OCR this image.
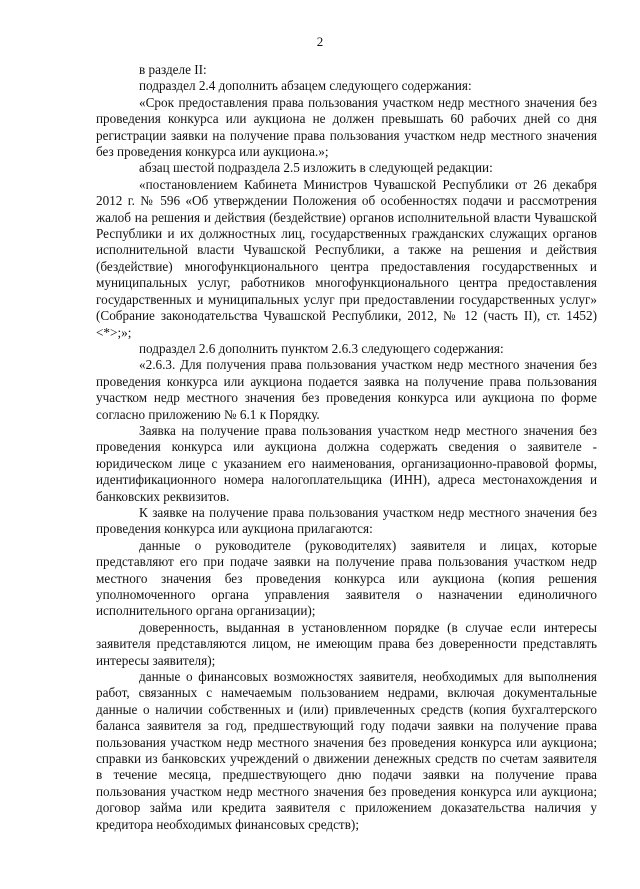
2

в разделе II:

подраздел 2.4 дополнить абзацем следующего содержания:

«Срок предоставления права пользования участком недр местного значения без проведения конкурса или аукциона не должен превышать 60 рабочих дней со дня регистрации заявки на получение права пользования участком недр местного значения без проведения конкурса или аукциона.»;

абзац шестой подраздела 2.5 изложить в следующей редакции:

«постановлением Кабинета Министров Чувашской Республики от 26 декабря 2012 г. № 596 «Об утверждении Положения об особенностях подачи и рассмотрения жалоб на решения и действия (бездействие) органов исполнительной власти Чувашской Республики и их должностных лиц, государственных гражданских служащих органов исполнительной власти Чувашской Республики, а также на решения и действия (бездействие) многофункционального центра предоставления государственных и муниципальных услуг, работников многофункционального центра предоставления государственных и муниципальных услуг при предоставлении государственных услуг» (Собрание законодательства Чувашской Республики, 2012, № 12 (часть II), ст. 1452) <*>;»;

подраздел 2.6 дополнить пунктом 2.6.3 следующего содержания:

«2.6.3. Для получения права пользования участком недр местного значения без проведения конкурса или аукциона подается заявка на получение права пользования участком недр местного значения без проведения конкурса или аукциона по форме согласно приложению № 6.1 к Порядку.

Заявка на получение права пользования участком недр местного значения без проведения конкурса или аукциона должна содержать сведения о заявителе - юридическом лице с указанием его наименования, организационно-правовой формы, идентификационного номера налогоплательщика (ИНН), адреса местонахождения и банковских реквизитов.

К заявке на получение права пользования участком недр местного значения без проведения конкурса или аукциона прилагаются:

данные о руководителе (руководителях) заявителя и лицах, которые представляют его при подаче заявки на получение права пользования участком недр местного значения без проведения конкурса или аукциона (копия решения уполномоченного органа управления заявителя о назначении единоличного исполнительного органа организации);

доверенность, выданная в установленном порядке (в случае если интересы заявителя представляются лицом, не имеющим права без доверенности представлять интересы заявителя);

данные о финансовых возможностях заявителя, необходимых для выполнения работ, связанных с намечаемым пользованием недрами, включая документальные данные о наличии собственных и (или) привлеченных средств (копия бухгалтерского баланса заявителя за год, предшествующий году подачи заявки на получение права пользования участком недр местного значения без проведения конкурса или аукциона; справки из банковских учреждений о движении денежных средств по счетам заявителя в течение месяца, предшествующего дню подачи заявки на получение права пользования участком недр местного значения без проведения конкурса или аукциона; договор займа или кредита заявителя с приложением доказательства наличия у кредитора необходимых финансовых средств);
